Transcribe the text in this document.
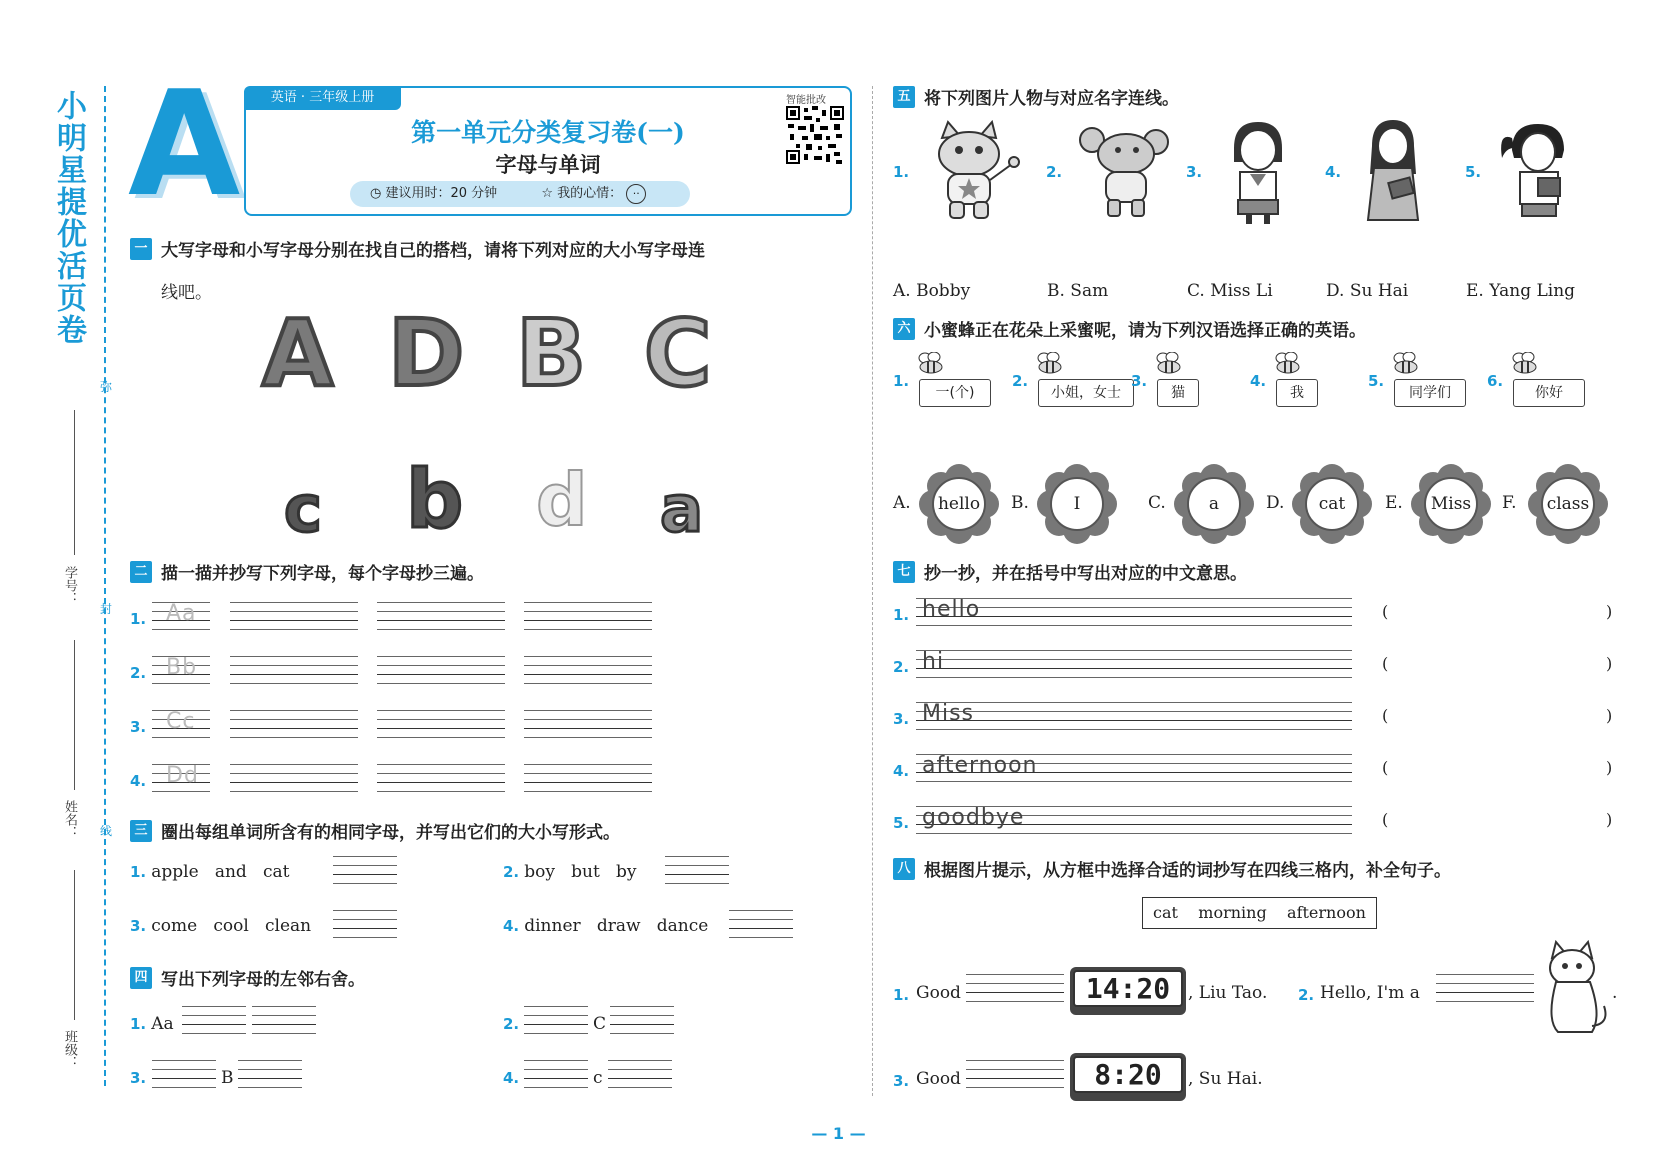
小明星提优活页卷
弥
封
线
学号：
姓名：
班级：
A	英语 · 三年级上册
第一单元分类复习卷(一)
字母与单词
◷ 建议用时：20 分钟	☆ 我的心情： ··
智能批改
一 大写字母和小写字母分别在找自己的搭档，请将下列对应的大小写字母连
线吧。
A D B C
c b d a
二 描一描并抄写下列字母，每个字母抄三遍。
1. Aa
2. Bb
3. Cc
4. Dd
三 圈出每组单词所含有的相同字母，并写出它们的大小写形式。
1. apple   and   cat	2. boy   but   by
3. come   cool   clean	4. dinner   draw   dance
四 写出下列字母的左邻右舍。
1. Aa	2.	C
3.	B	4.	c
五 将下列图片人物与对应名字连线。
1.	2.	3.	4.	5.
A. Bobby	B. Sam	C. Miss Li	D. Su Hai	E. Yang Ling
六 小蜜蜂正在花朵上采蜜呢，请为下列汉语选择正确的英语。
1.
一(个)
2.
小姐，女士
3.
猫
4.
我
5.
同学们
6.
你好
A.	hello	B.	I	C.	a	D.	cat	E.	Miss	F.	class
七 抄一抄，并在括号中写出对应的中文意思。
1. hello	(	)
2. hi	(	)
3. Miss	(	)
4. afternoon	(	)
5. goodbye	(	)
八 根据图片提示，从方框中选择合适的词抄写在四线三格内，补全句子。
cat    morning    afternoon
1. Good	14:20	, Liu Tao. 2. Hello, I'm a	.
3. Good	8:20	, Su Hai.
— 1 —
